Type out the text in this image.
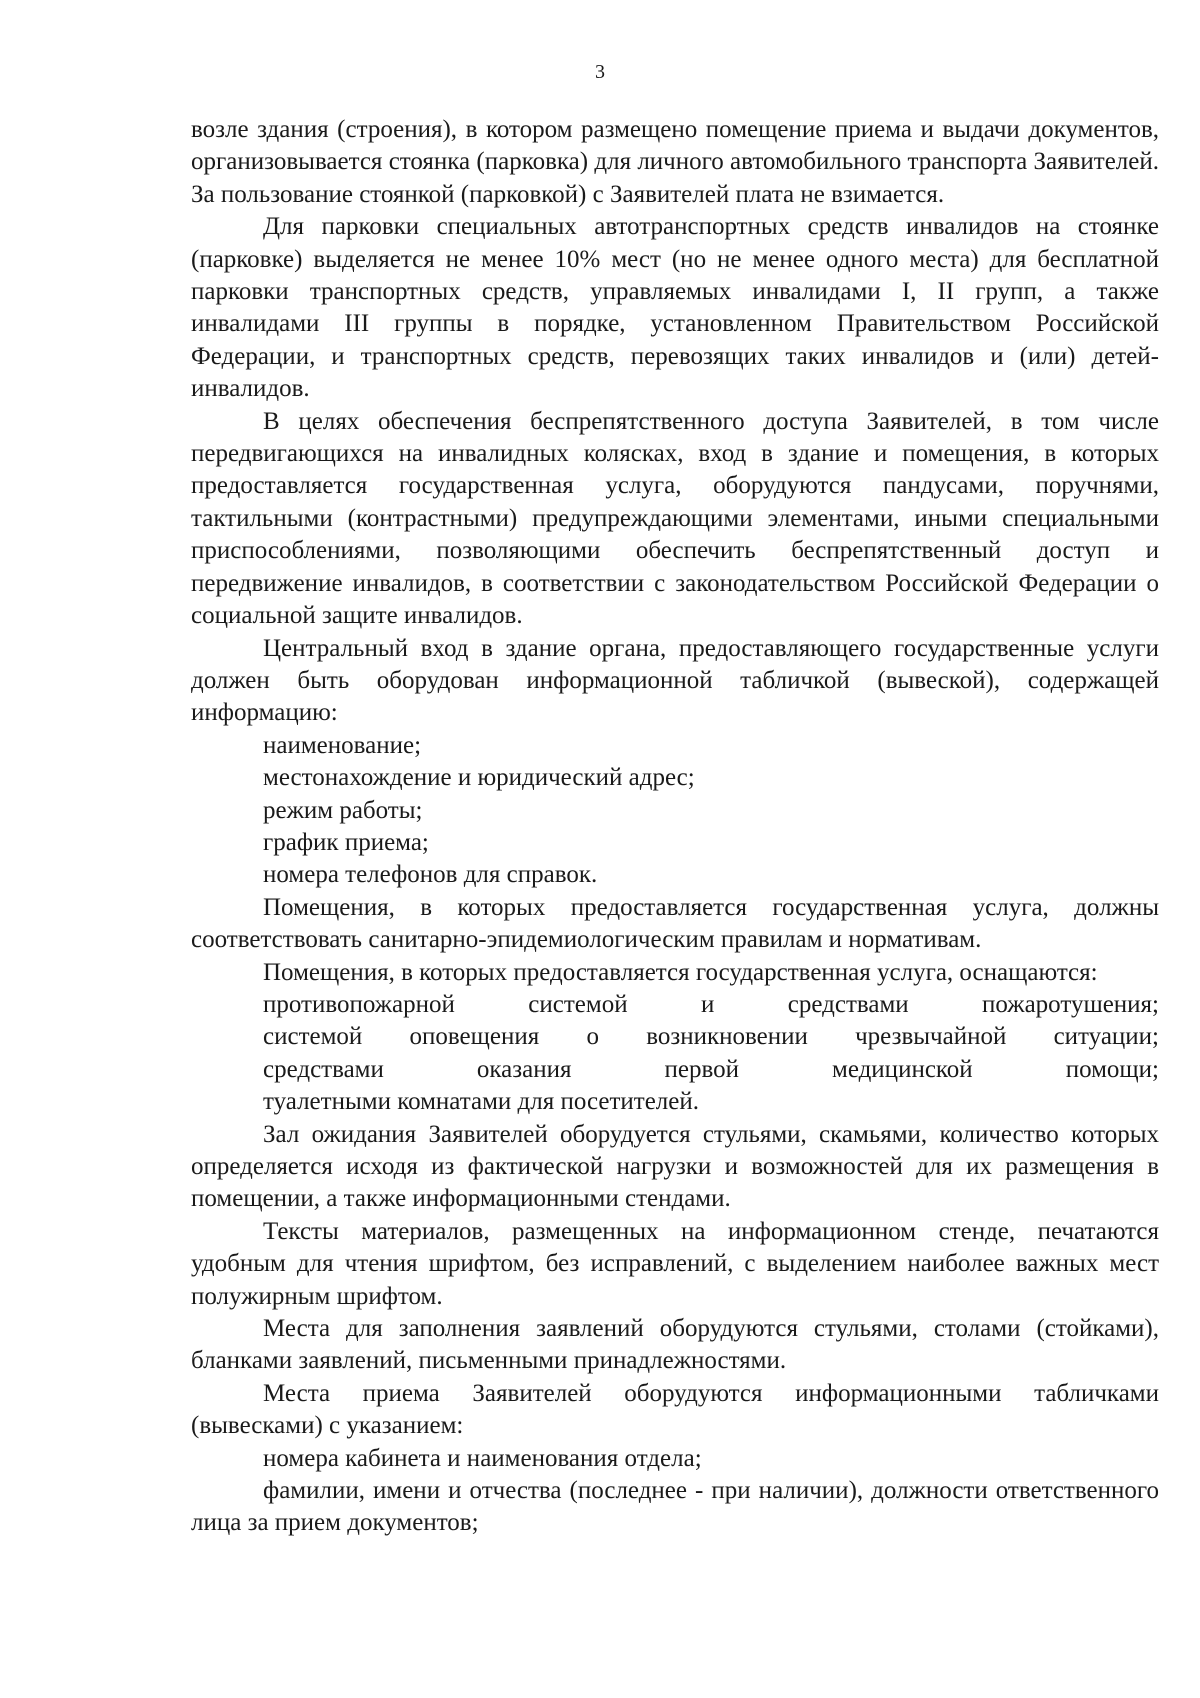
3

возле здания (строения), в котором размещено помещение приема и выдачи документов, организовывается стоянка (парковка) для личного автомобильного транспорта Заявителей. За пользование стоянкой (парковкой) с Заявителей плата не взимается.

Для парковки специальных автотранспортных средств инвалидов на стоянке (парковке) выделяется не менее 10% мест (но не менее одного места) для бесплатной парковки транспортных средств, управляемых инвалидами I, II групп, а также инвалидами III группы в порядке, установленном Правительством Российской Федерации, и транспортных средств, перевозящих таких инвалидов и (или) детей-инвалидов.

В целях обеспечения беспрепятственного доступа Заявителей, в том числе передвигающихся на инвалидных колясках, вход в здание и помещения, в которых предоставляется государственная услуга, оборудуются пандусами, поручнями, тактильными (контрастными) предупреждающими элементами, иными специальными приспособлениями, позволяющими обеспечить беспрепятственный доступ и передвижение инвалидов, в соответствии с законодательством Российской Федерации о социальной защите инвалидов.

Центральный вход в здание органа, предоставляющего государственные услуги должен быть оборудован информационной табличкой (вывеской), содержащей информацию:

наименование;

местонахождение и юридический адрес;

режим работы;

график приема;

номера телефонов для справок.

Помещения, в которых предоставляется государственная услуга, должны соответствовать санитарно-эпидемиологическим правилам и нормативам.

Помещения, в которых предоставляется государственная услуга, оснащаются:

противопожарной системой и средствами пожаротушения;

системой оповещения о возникновении чрезвычайной ситуации;

средствами оказания первой медицинской помощи;

туалетными комнатами для посетителей.

Зал ожидания Заявителей оборудуется стульями, скамьями, количество которых определяется исходя из фактической нагрузки и возможностей для их размещения в помещении, а также информационными стендами.

Тексты материалов, размещенных на информационном стенде, печатаются удобным для чтения шрифтом, без исправлений, с выделением наиболее важных мест полужирным шрифтом.

Места для заполнения заявлений оборудуются стульями, столами (стойками), бланками заявлений, письменными принадлежностями.

Места приема Заявителей оборудуются информационными табличками (вывесками) с указанием:

номера кабинета и наименования отдела;

фамилии, имени и отчества (последнее - при наличии), должности ответственного лица за прием документов;
